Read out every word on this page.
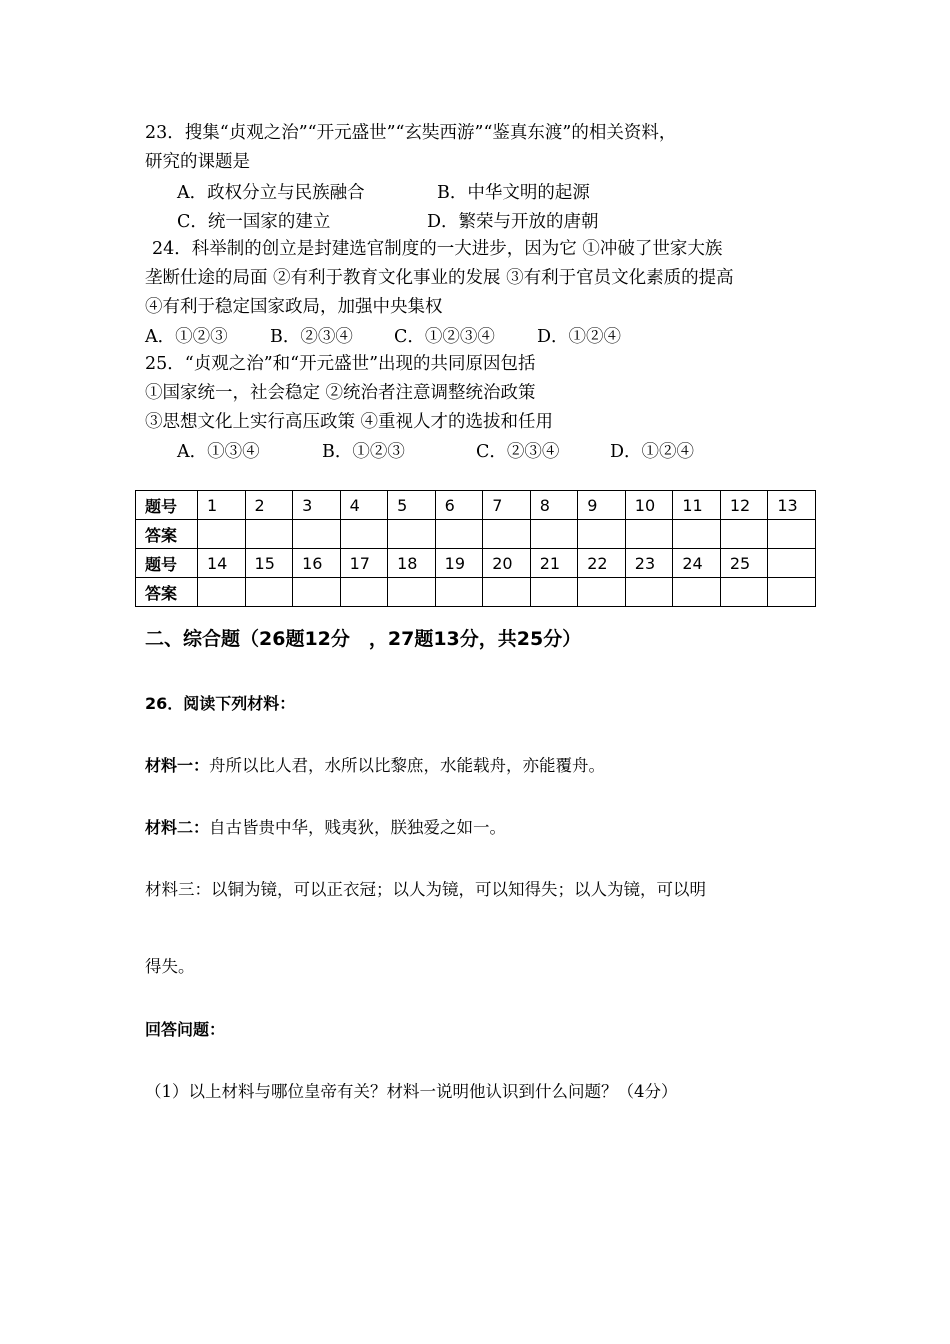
23．搜集“贞观之治”“开元盛世”“玄奘西游”“鉴真东渡”的相关资料，
研究的课题是
A．政权分立与民族融合	B．中华文明的起源
C．统一国家的建立	D．繁荣与开放的唐朝
24．科举制的创立是封建选官制度的一大进步，因为它 ①冲破了世家大族
垄断仕途的局面 ②有利于教育文化事业的发展 ③有利于官员文化素质的提高
④有利于稳定国家政局，加强中央集权
A．①②③ B．②③④ C．①②③④ D．①②④
25．“贞观之治”和“开元盛世”出现的共同原因包括
①国家统一，社会稳定 ②统治者注意调整统治政策
③思想文化上实行高压政策 ④重视人才的选拔和任用
A．①③④	B．①②③	C．②③④	D．①②④
题号	1	2	3	4	5	6	7	8	9	10	11	12	13
答案													
题号	14	15	16	17	18	19	20	21	22	23	24	25	
答案													
二、综合题（26题12分　，27题13分，共25分）
26．阅读下列材料：
材料一：舟所以比人君，水所以比黎庶，水能载舟，亦能覆舟。
材料二：自古皆贵中华，贱夷狄，朕独爱之如一。
材料三：以铜为镜，可以正衣冠；以人为镜，可以知得失；以人为镜，可以明
得失。
回答问题：
（1）以上材料与哪位皇帝有关？材料一说明他认识到什么问题？（4分）
